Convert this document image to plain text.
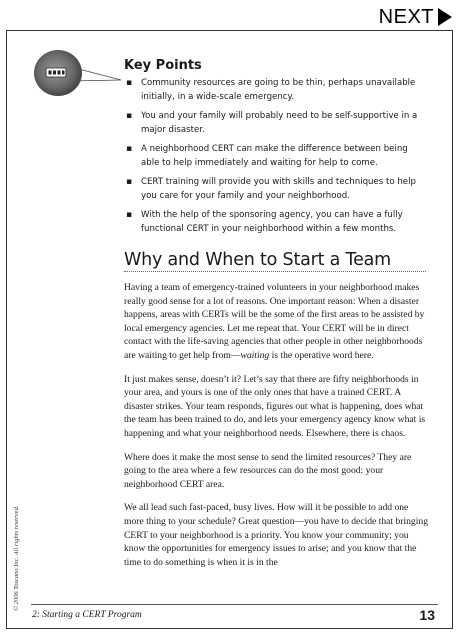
NEXT
Key Points
▪ Community resources are going to be thin, perhaps unavailable initially, in a wide-scale emergency.
▪ You and your family will probably need to be self-supportive in a major disaster.
▪ A neighborhood CERT can make the difference between being able to help immediately and waiting for help to come.
▪ CERT training will provide you with skills and techniques to help you care for your family and your neighborhood.
▪ With the help of the sponsoring agency, you can have a fully functional CERT in your neighborhood within a few months.
Why and When to Start a Team

Having a team of emergency-trained volunteers in your neighborhood makes really good sense for a lot of reasons. One important reason: When a disaster happens, areas with CERTs will be the some of the first areas to be assisted by local emergency agencies. Let me repeat that. Your CERT will be in direct contact with the life-saving agencies that other people in other neighborhoods are waiting to get help from—waiting is the operative word here.

It just makes sense, doesn’t it? Let’s say that there are fifty neighborhoods in your area, and yours is one of the only ones that have a trained CERT. A disaster strikes. Your team responds, figures out what is happening, does what the team has been trained to do, and lets your emergency agency know what is happening and what your neighborhood needs. Elsewhere, there is chaos.

Where does it make the most sense to send the limited resources? They are going to the area where a few resources can do the most good: your neighborhood CERT area.

We all lead such fast-paced, busy lives. How will it be possible to add one more thing to your schedule? Great question—you have to decide that bringing CERT to your neighborhood is a priority. You know your community; you know the opportunities for emergency issues to arise; and you know that the time to do something is when it is in the

© 2006 Toscano Inc. All rights reserved.

2: Starting a CERT Program	13
